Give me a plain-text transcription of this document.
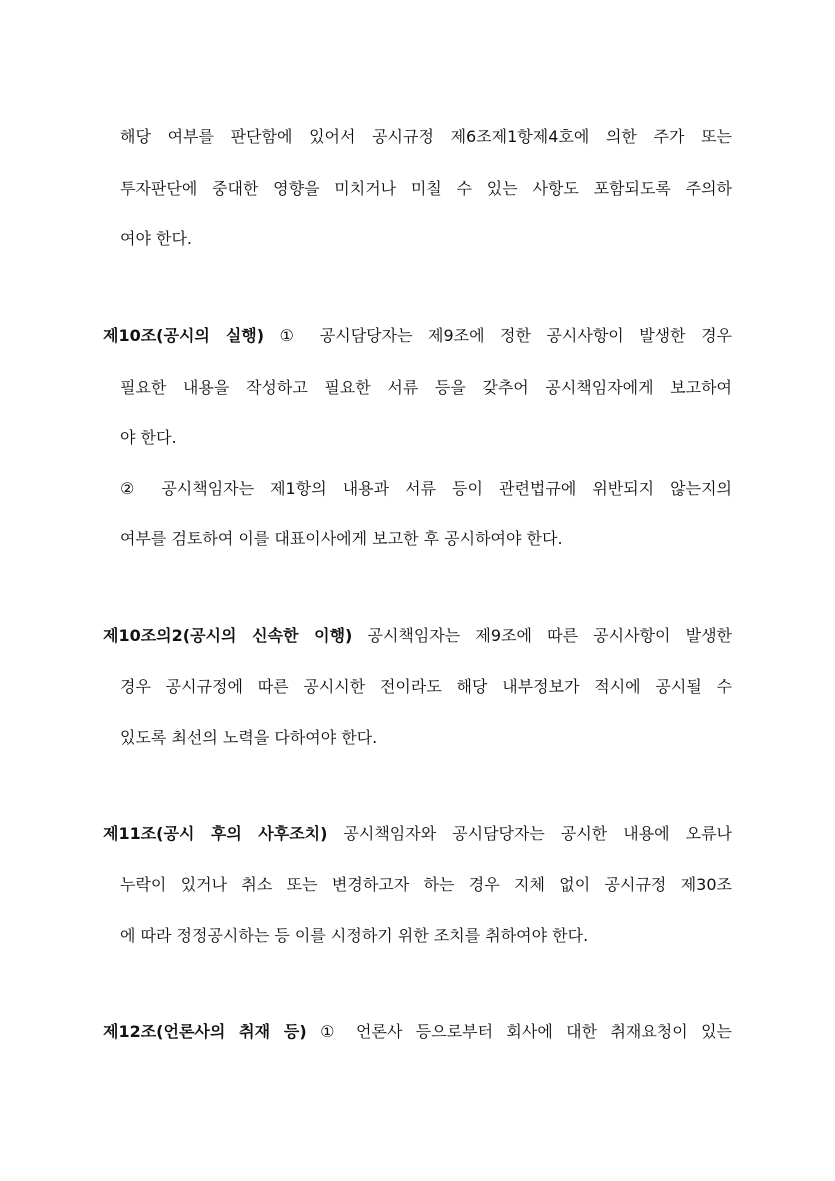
해당 여부를 판단함에 있어서 공시규정 제6조제1항제4호에 의한 주가 또는
투자판단에 중대한 영향을 미치거나 미칠 수 있는 사항도 포함되도록 주의하
여야 한다.
제10조(공시의 실행) ① 공시담당자는 제9조에 정한 공시사항이 발생한 경우
필요한 내용을 작성하고 필요한 서류 등을 갖추어 공시책임자에게 보고하여
야 한다.
② 공시책임자는 제1항의 내용과 서류 등이 관련법규에 위반되지 않는지의
여부를 검토하여 이를 대표이사에게 보고한 후 공시하여야 한다.
제10조의2(공시의 신속한 이행) 공시책임자는 제9조에 따른 공시사항이 발생한
경우 공시규정에 따른 공시시한 전이라도 해당 내부정보가 적시에 공시될 수
있도록 최선의 노력을 다하여야 한다.
제11조(공시 후의 사후조치) 공시책임자와 공시담당자는 공시한 내용에 오류나
누락이 있거나 취소 또는 변경하고자 하는 경우 지체 없이 공시규정 제30조
에 따라 정정공시하는 등 이를 시정하기 위한 조치를 취하여야 한다.
제12조(언론사의 취재 등) ① 언론사 등으로부터 회사에 대한 취재요청이 있는
